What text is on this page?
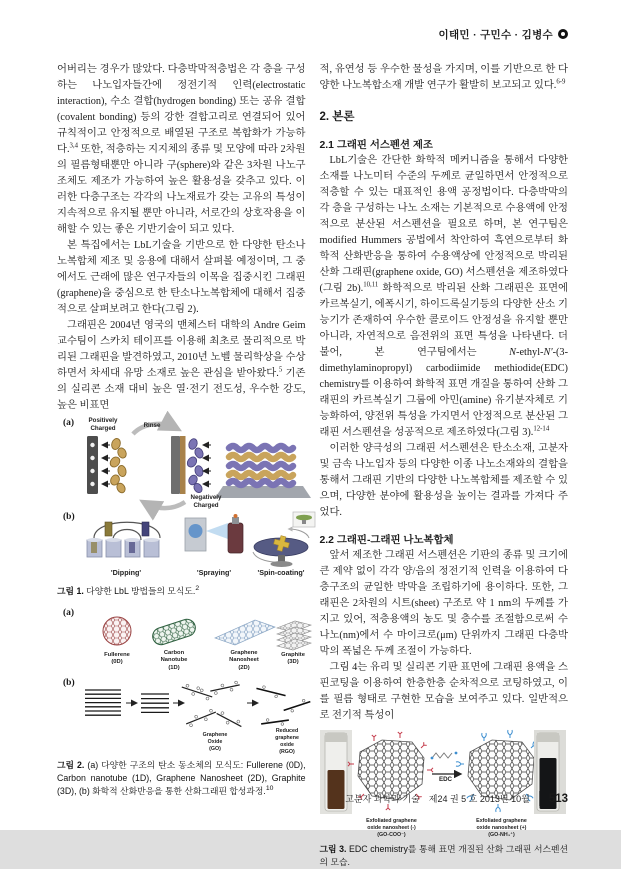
이태민 · 구민수 · 김병수

어버리는 경우가 많았다. 다층박막적층법은 각 층을 구성하는 나노입자들간에 정전기적 인력(electrostatic interaction), 수소 결합(hydrogen bonding) 또는 공유 결합(covalent bonding) 등의 강한 결합고리로 연결되어 있어 규칙적이고 안정적으로 배열된 구조로 복합화가 가능하다.$^{3,4}$ 또한, 적층하는 지지체의 종류 및 모양에 따라 2차원의 필름형태뿐만 아니라 구(sphere)와 같은 3차원 나노구조체도 제조가 가능하여 높은 활용성을 갖추고 있다. 이러한 다층구조는 각각의 나노재료가 갖는 고유의 특성이 지속적으로 유지될 뿐만 아니라, 서로간의 상호작용을 이해할 수 있는 좋은 기반기술이 되고 있다.

본 특집에서는 LbL기술을 기반으로 한 다양한 탄소나노복합체 제조 및 응용에 대해서 살펴볼 예정이며, 그 중에서도 근래에 많은 연구자들의 이목을 집중시킨 그래핀(graphene)을 중심으로 한 탄소나노복합체에 대해서 집중적으로 살펴보려고 한다(그림 2).

그래핀은 2004년 영국의 맨체스터 대학의 Andre Geim 교수팀이 스카치 테이프를 이용해 최초로 물리적으로 박리된 그래핀을 발견하였고, 2010년 노벨 물리학상을 수상하면서 차세대 유망 소재로 높은 관심을 받아왔다.$^5$ 기존의 실리콘 소재 대비 높은 열·전기 전도성, 우수한 강도, 높은 비표면

(a)	Positively
Charged	Rinse
Negatively
Charged
(b)
'Dipping'	'Spraying'	'Spin-coating'
그림 1. 다양한 LbL 방법들의 모식도.$^2$
(a)
Fullerene
(0D)
Carbon
Nanotube
(1D)
Graphene
Nanosheet
(2D)
Graphite
(3D)
(b)
Graphene
Oxide
(GO)
Reduced
graphene
oxide
(RGO)
그림 2. (a) 다양한 구조의 탄소 동소체의 모식도: Fullerene (0D), Carbon nanotube (1D), Graphene Nanosheet (2D), Graphite (3D), (b) 화학적 산화반응을 통한 산화그래핀 합성과정.$^{10}$

적, 유연성 등 우수한 물성을 가지며, 이를 기반으로 한 다양한 나노복합소재 개발 연구가 활발히 보고되고 있다.$^{6-9}$

2. 본론
2.1 그래핀 서스펜션 제조

LbL기술은 간단한 화학적 메커니즘을 통해서 다양한 소재를 나노미터 수준의 두께로 균일하면서 안정적으로 적층할 수 있는 대표적인 용액 공정법이다. 다층박막의 각 층을 구성하는 나노 소재는 기본적으로 수용액에 안정적으로 분산된 서스펜션을 필요로 하며, 본 연구팀은 modified Hummers 공법에서 착안하여 흑연으로부터 화학적 산화반응을 통하여 수용액상에 안정적으로 박리된 산화 그래핀(graphene oxide, GO) 서스펜션을 제조하였다(그림 2b).$^{10,11}$ 화학적으로 박리된 산화 그래핀은 표면에 카르복실기, 에폭시기, 하이드록실기등의 다양한 산소 기능기가 존재하여 우수한 콜로이드 안정성을 유지할 뿐만 아니라, 자연적으로 음전위의 표면 특성을 나타낸다. 더불어, 본 연구팀에서는 N-ethyl-N'-(3-dimethylaminopropyl) carbodiimide methiodide(EDC) chemistry를 이용하여 화학적 표면 개질을 통하여 산화 그래핀의 카르복실기 그룹에 아민(amine) 유기분자체로 기능화하여, 양전위 특성을 가지면서 안정적으로 분산된 그래핀 서스펜션을 성공적으로 제조하였다(그림 3).$^{12-14}$

이러한 양극성의 그래핀 서스펜션은 탄소소재, 고분자 및 금속 나노입자 등의 다양한 이종 나노소재와의 결합을 통해서 그래핀 기반의 다양한 나노복합체를 제조할 수 있으며, 다양한 분야에 활용성을 높이는 결과를 가져다 주었다.

2.2 그래핀-그래핀 나노복합체

앞서 제조한 그래핀 서스펜션은 기판의 종류 및 크기에 큰 제약 없이 각각 양/음의 정전기적 인력을 이용하여 다층구조의 균일한 박막을 조립하기에 용이하다. 또한, 그래핀은 2차원의 시트(sheet) 구조로 약 1 nm의 두께를 가지고 있어, 적층용액의 농도 및 층수를 조절함으로써 수 나노(nm)에서 수 마이크로(μm) 단위까지 그래핀 다층박막의 폭넓은 두께 조절이 가능하다.

그림 4는 유리 및 실리콘 기판 표면에 그래핀 용액을 스핀코팅을 이용하여 한층한층 순차적으로 코팅하였고, 이를 필름 형태로 구현한 모습을 보여주고 있다. 일반적으로 전기적 특성이

EDC
Exfoliated graphene
oxide nanosheet (-)
(GO-COO⁻)
Exfoliated graphene
oxide nanosheet (+)
(GO-NH₃⁺)
그림 3. EDC chemistry를 통해 표면 개질된 산화 그래핀 서스펜션의 모습.
고분자 과학과 기술 제24 권 5 호 2013년 10월 513
